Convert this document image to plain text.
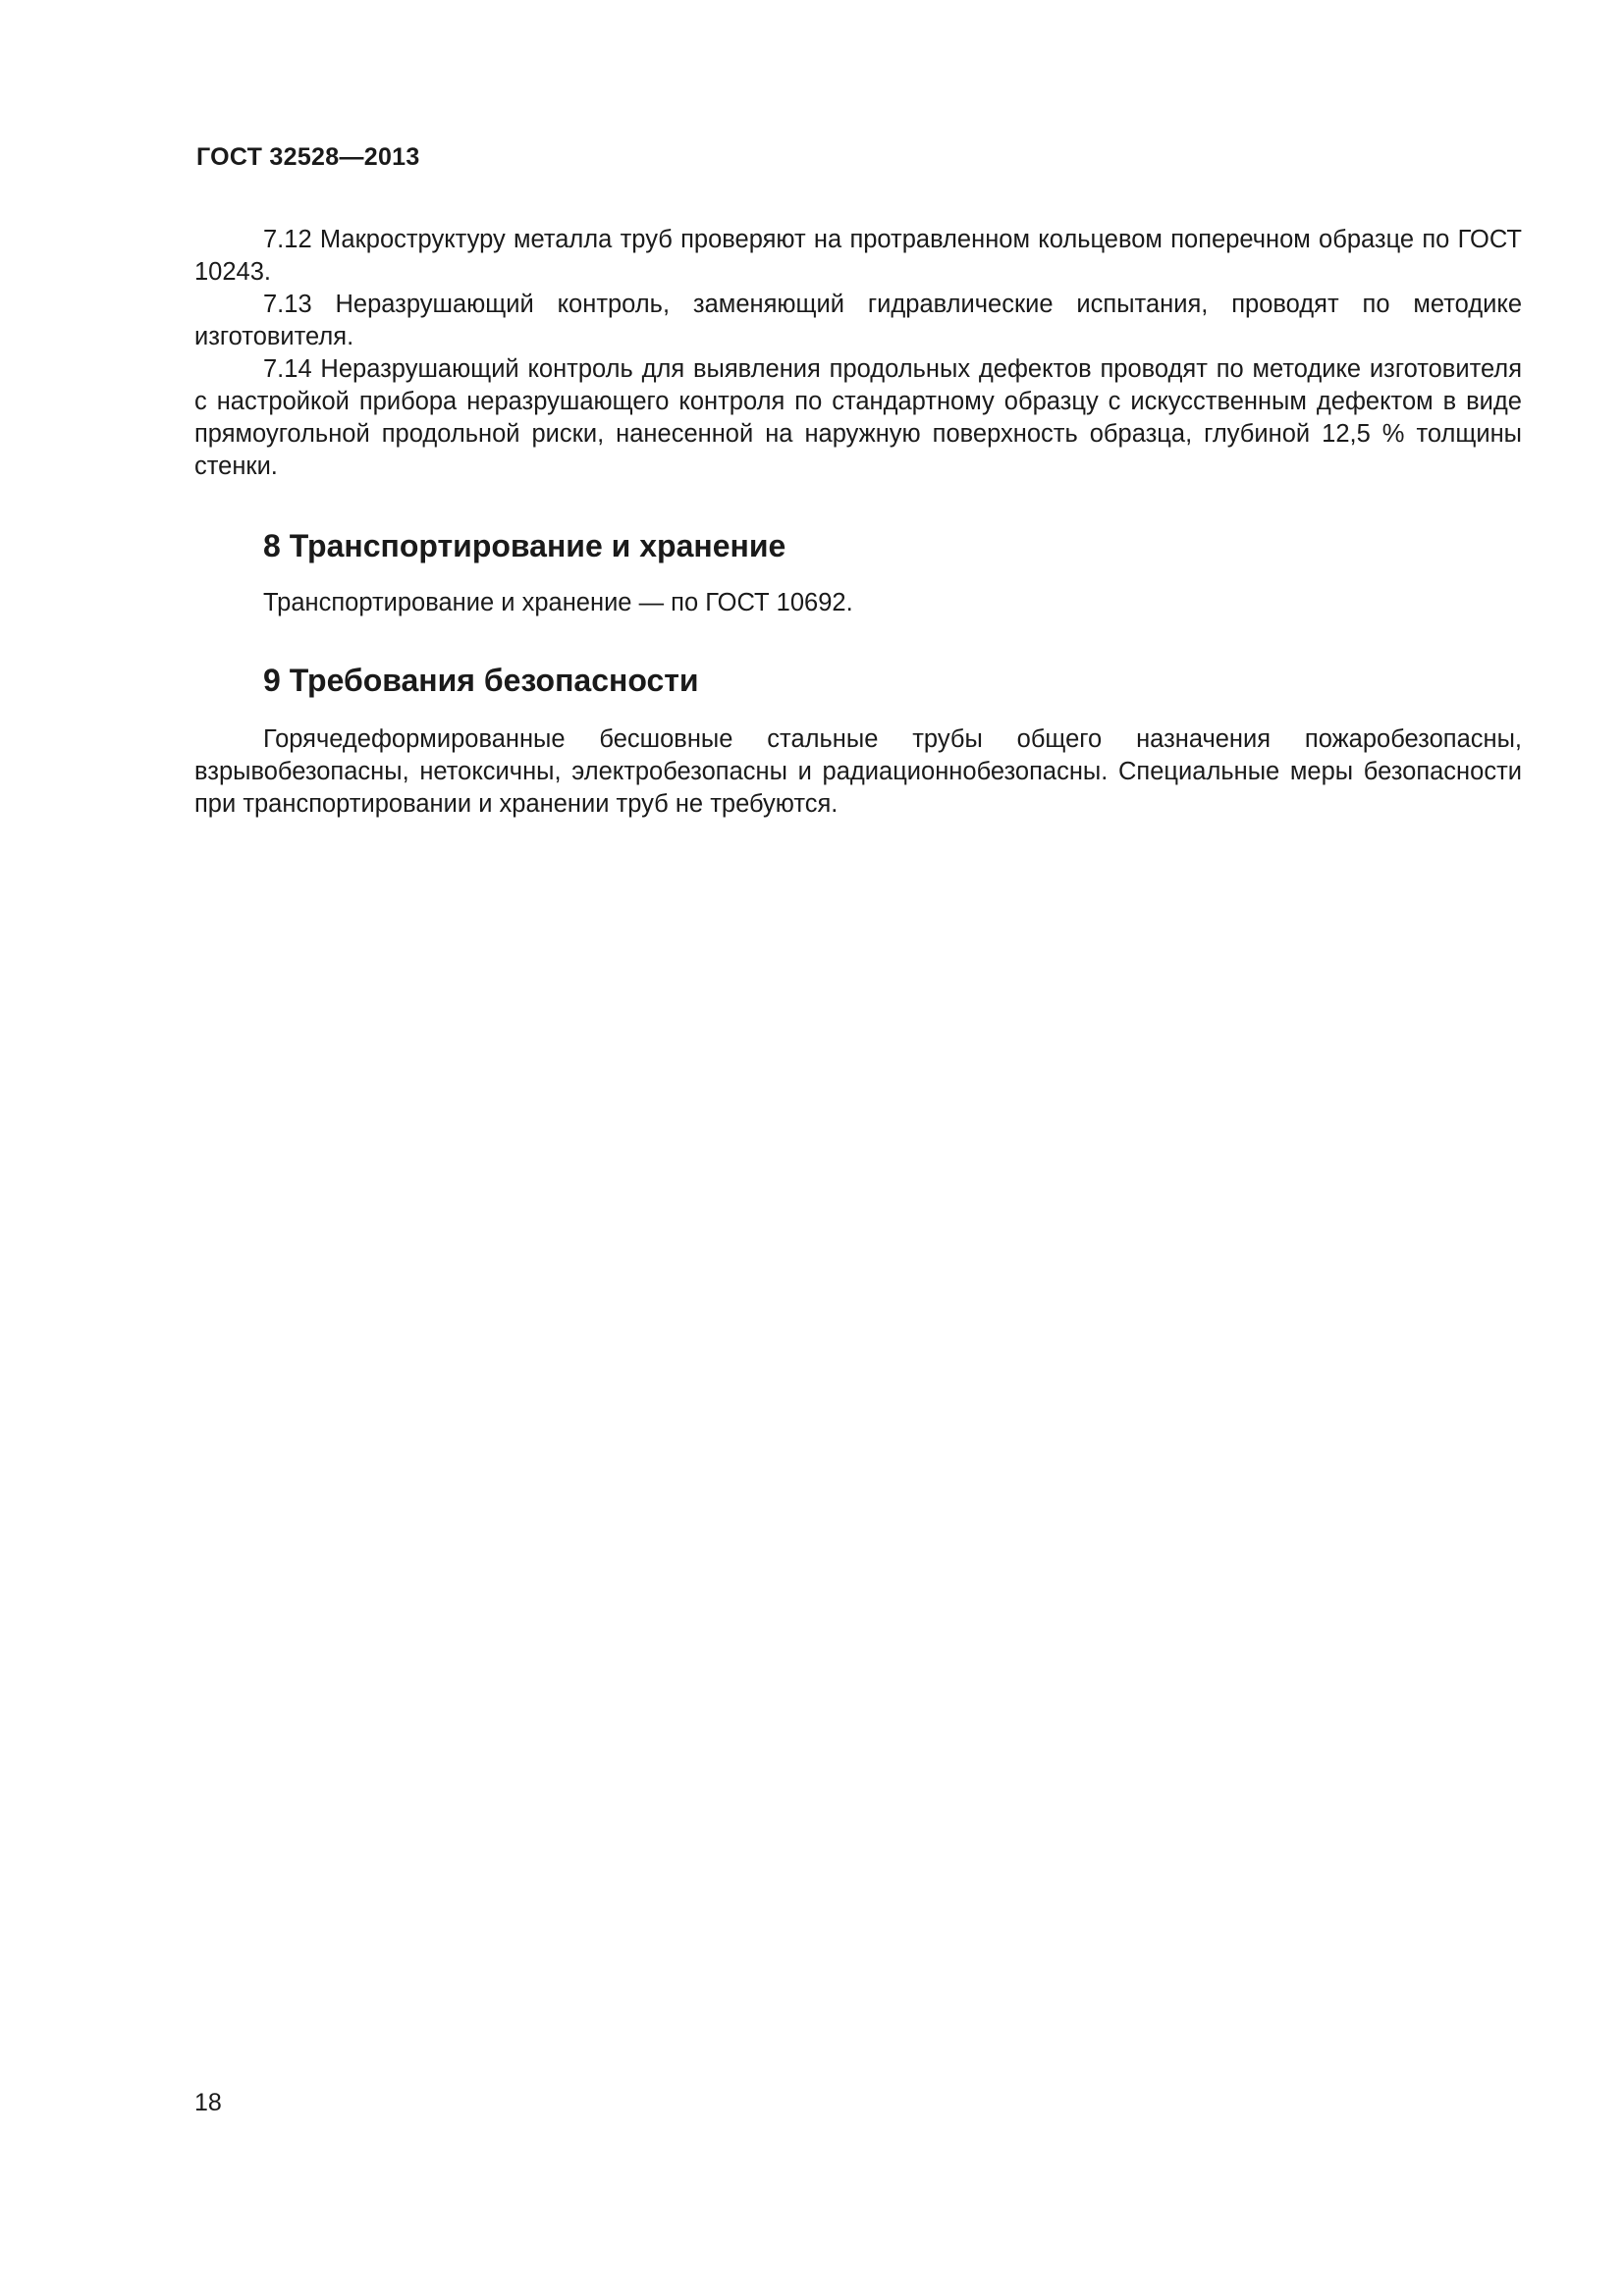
ГОСТ 32528—2013

7.12 Макроструктуру металла труб проверяют на протравленном кольцевом поперечном образце по ГОСТ 10243.

7.13 Неразрушающий контроль, заменяющий гидравлические испытания, проводят по методике изготовителя.

7.14 Неразрушающий контроль для выявления продольных дефектов проводят по методике изготовителя с настройкой прибора неразрушающего контроля по стандартному образцу с искусственным дефектом в виде прямоугольной продольной риски, нанесенной на наружную поверхность образца, глубиной 12,5 % толщины стенки.

8 Транспортирование и хранение

Транспортирование и хранение — по ГОСТ 10692.

9 Требования безопасности

Горячедеформированные бесшовные стальные трубы общего назначения пожаробезопасны, взрывобезопасны, нетоксичны, электробезопасны и радиационнобезопасны. Специальные меры безопасности при транспортировании и хранении труб не требуются.

18
